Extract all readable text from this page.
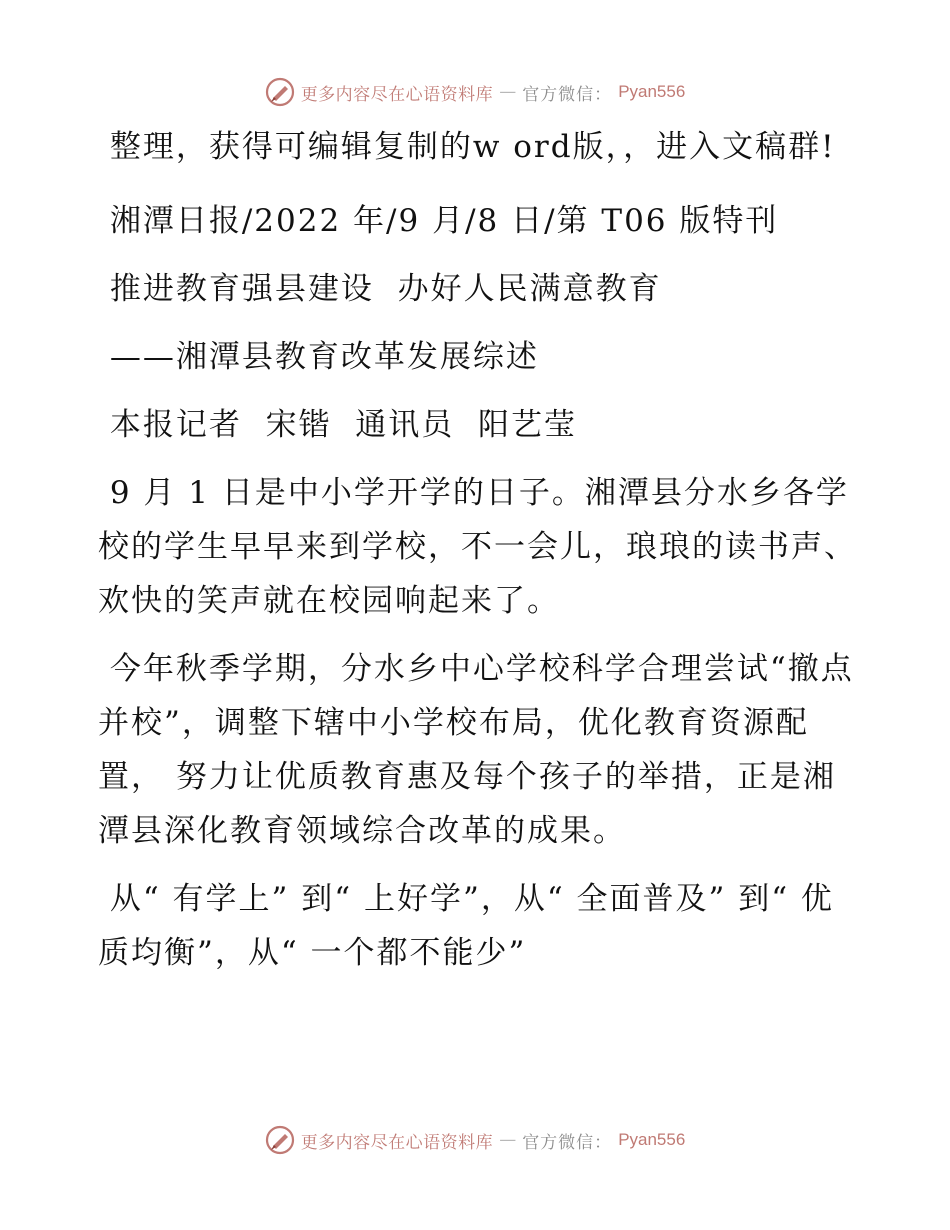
更多内容尽在心语资料库 — 官方微信： Pyan556

整理，获得可编辑复制的w ord版，，进入文稿群!

湘潭日报/2022 年/9 月/8 日/第 T06 版特刊

推进教育强县建设  办好人民满意教育

——湘潭县教育改革发展综述

本报记者  宋锴  通讯员  阳艺莹

9 月 1 日是中小学开学的日子。湘潭县分水乡各学校的学生早早来到学校，不一会儿，琅琅的读书声、欢快的笑声就在校园响起来了。

今年秋季学期，分水乡中心学校科学合理尝试“撤点并校”，调整下辖中小学校布局，优化教育资源配置， 努力让优质教育惠及每个孩子的举措，正是湘潭县深化教育领域综合改革的成果。

从“ 有学上” 到“ 上好学”，从“ 全面普及” 到“ 优质均衡”，从“ 一个都不能少”

更多内容尽在心语资料库 — 官方微信： Pyan556
